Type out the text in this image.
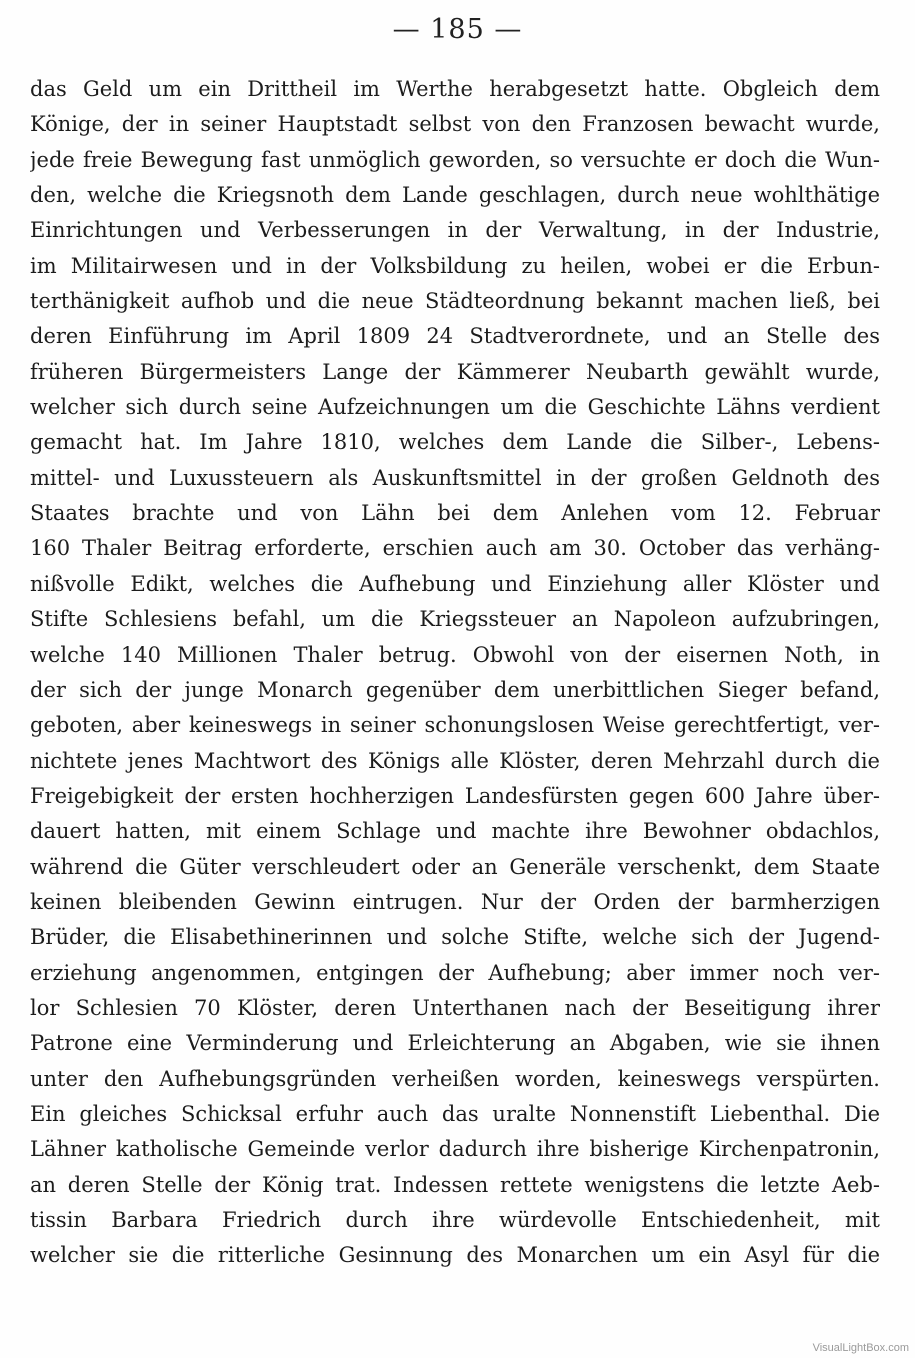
— 185 —
das Geld um ein Drittheil im Werthe herabgesetzt hatte. Obgleich dem
Könige, der in seiner Hauptstadt selbst von den Franzosen bewacht wurde,
jede freie Bewegung fast unmöglich geworden, so versuchte er doch die Wun-
den, welche die Kriegsnoth dem Lande geschlagen, durch neue wohlthätige
Einrichtungen und Verbesserungen in der Verwaltung, in der Industrie,
im Militairwesen und in der Volksbildung zu heilen, wobei er die Erbun-
terthänigkeit aufhob und die neue Städteordnung bekannt machen ließ, bei
deren Einführung im April 1809 24 Stadtverordnete, und an Stelle des
früheren Bürgermeisters Lange der Kämmerer Neubarth gewählt wurde,
welcher sich durch seine Aufzeichnungen um die Geschichte Lähns verdient
gemacht hat. Im Jahre 1810, welches dem Lande die Silber-, Lebens-
mittel- und Luxussteuern als Auskunftsmittel in der großen Geldnoth des
Staates brachte und von Lähn bei dem Anlehen vom 12. Februar
160 Thaler Beitrag erforderte, erschien auch am 30. October das verhäng-
nißvolle Edikt, welches die Aufhebung und Einziehung aller Klöster und
Stifte Schlesiens befahl, um die Kriegssteuer an Napoleon aufzubringen,
welche 140 Millionen Thaler betrug. Obwohl von der eisernen Noth, in
der sich der junge Monarch gegenüber dem unerbittlichen Sieger befand,
geboten, aber keineswegs in seiner schonungslosen Weise gerechtfertigt, ver-
nichtete jenes Machtwort des Königs alle Klöster, deren Mehrzahl durch die
Freigebigkeit der ersten hochherzigen Landesfürsten gegen 600 Jahre über-
dauert hatten, mit einem Schlage und machte ihre Bewohner obdachlos,
während die Güter verschleudert oder an Generäle verschenkt, dem Staate
keinen bleibenden Gewinn eintrugen. Nur der Orden der barmherzigen
Brüder, die Elisabethinerinnen und solche Stifte, welche sich der Jugend-
erziehung angenommen, entgingen der Aufhebung; aber immer noch ver-
lor Schlesien 70 Klöster, deren Unterthanen nach der Beseitigung ihrer
Patrone eine Verminderung und Erleichterung an Abgaben, wie sie ihnen
unter den Aufhebungsgründen verheißen worden, keineswegs verspürten.
Ein gleiches Schicksal erfuhr auch das uralte Nonnenstift Liebenthal. Die
Lähner katholische Gemeinde verlor dadurch ihre bisherige Kirchenpatronin,
an deren Stelle der König trat. Indessen rettete wenigstens die letzte Aeb-
tissin Barbara Friedrich durch ihre würdevolle Entschiedenheit, mit
welcher sie die ritterliche Gesinnung des Monarchen um ein Asyl für die
VisualLightBox.com
